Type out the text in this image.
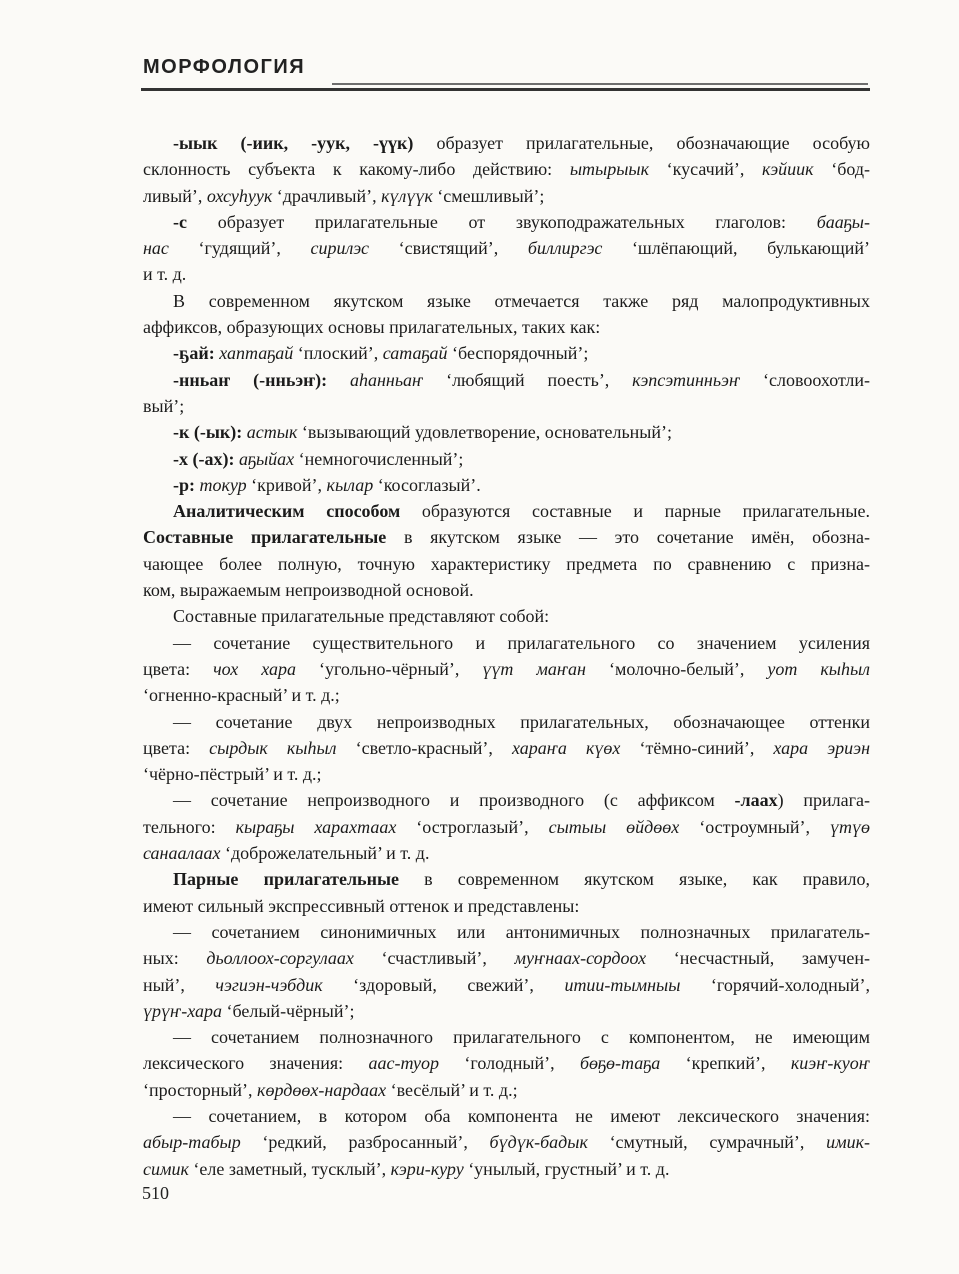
МОРФОЛОГИЯ
-ыык (-иик, -уук, -үүк) образует прилагательные, обозначающие особую
склонность субъекта к какому-либо действию: ытырыык ‘кусачий’, кэйиик ‘бод-
ливый’, охсуһуук ‘драчливый’, күлүүк ‘смешливый’;
-с образует прилагательные от звукоподражательных глаголов: бааҕы-
нас ‘гудящий’, сирилэс ‘свистящий’, биллиргэс ‘шлёпающий, булькающий’
и т. д.
В современном якутском языке отмечается также ряд малопродуктивных
аффиксов, образующих основы прилагательных, таких как:
-ҕай: хаптаҕай ‘плоский’, сатаҕай ‘беспорядочный’;
-нньаҥ (-нньэҥ): аһанньаҥ ‘любящий поесть’, кэпсэтинньэҥ ‘словоохотли-
вый’;
-к (-ык): астык ‘вызывающий удовлетворение, основательный’;
-х (-ах): аҕыйах ‘немногочисленный’;
-р: токур ‘кривой’, кылар ‘косоглазый’.
Аналитическим способом образуются составные и парные прилагательные.
Составные прилагательные в якутском языке — это сочетание имён, обозна-
чающее более полную, точную характеристику предмета по сравнению с призна-
ком, выражаемым непроизводной основой.
Составные прилагательные представляют собой:
— сочетание существительного и прилагательного со значением усиления
цвета: чох хара ‘угольно-чёрный’, үүт маҥан ‘молочно-белый’, уот кыһыл
‘огненно-красный’ и т. д.;
— сочетание двух непроизводных прилагательных, обозначающее оттенки
цвета: сырдык кыһыл ‘светло-красный’, хараҥа күөх ‘тёмно-синий’, хара эриэн
‘чёрно-пёстрый’ и т. д.;
— сочетание непроизводного и производного (с аффиксом -лаах) прилага-
тельного: кыраҕы харахтаах ‘остроглазый’, сытыы өйдөөх ‘остроумный’, үтүө
санаалаах ‘доброжелательный’ и т. д.
Парные прилагательные в современном якутском языке, как правило,
имеют сильный экспрессивный оттенок и представлены:
— сочетанием синонимичных или антонимичных полнозначных прилагатель-
ных: дьоллоох-соргулаах ‘счастливый’, муҥнаах-сордоох ‘несчастный, замучен-
ный’, чэгиэн-чэбдик ‘здоровый, свежий’, итии-тымныы ‘горячий-холодный’,
үрүҥ-хара ‘белый-чёрный’;
— сочетанием полнозначного прилагательного с компонентом, не имеющим
лексического значения: аас-туор ‘голодный’, бөҕө-таҕа ‘крепкий’, киэҥ-куоҥ
‘просторный’, көрдөөх-нардаах ‘весёлый’ и т. д.;
— сочетанием, в котором оба компонента не имеют лексического значения:
абыр-табыр ‘редкий, разбросанный’, бүдүк-бадык ‘смутный, сумрачный’, имик-
симик ‘еле заметный, тусклый’, кэри-куру ‘унылый, грустный’ и т. д.
510
